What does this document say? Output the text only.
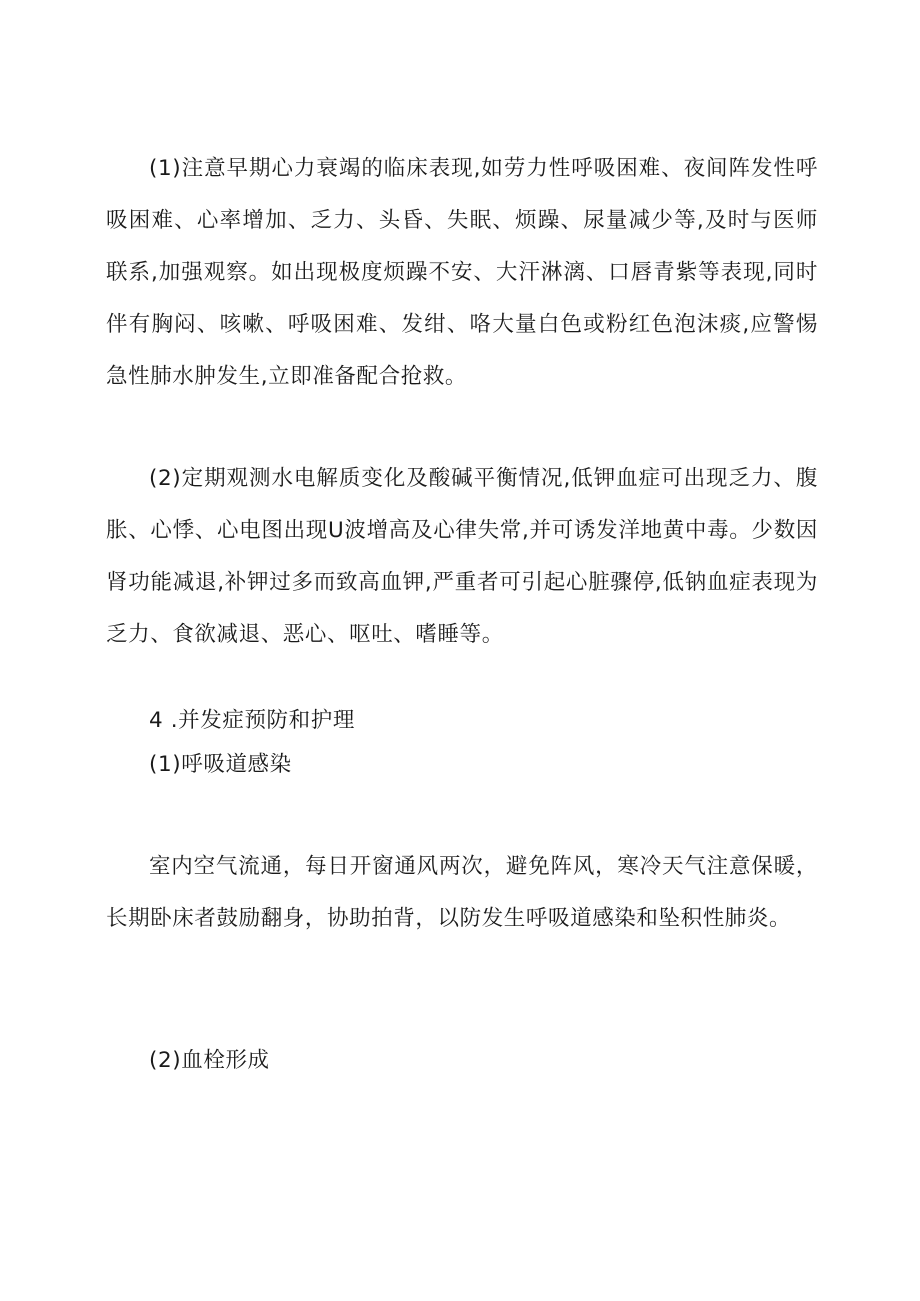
(1)注意早期心力衰竭的临床表现,如劳力性呼吸困难、夜间阵发性呼吸困难、心率增加、乏力、头昏、失眠、烦躁、尿量减少等,及时与医师联系,加强观察。如出现极度烦躁不安、大汗淋漓、口唇青紫等表现,同时伴有胸闷、咳嗽、呼吸困难、发绀、咯大量白色或粉红色泡沫痰,应警惕急性肺水肿发生,立即准备配合抢救。

(2)定期观测水电解质变化及酸碱平衡情况,低钾血症可出现乏力、腹胀、心悸、心电图出现U波增高及心律失常,并可诱发洋地黄中毒。少数因肾功能减退,补钾过多而致高血钾,严重者可引起心脏骤停,低钠血症表现为乏力、食欲减退、恶心、呕吐、嗜睡等。

4 .并发症预防和护理

(1)呼吸道感染

室内空气流通，每日开窗通风两次，避免阵风，寒冷天气注意保暖，长期卧床者鼓励翻身，协助拍背，以防发生呼吸道感染和坠积性肺炎。

(2)血栓形成
